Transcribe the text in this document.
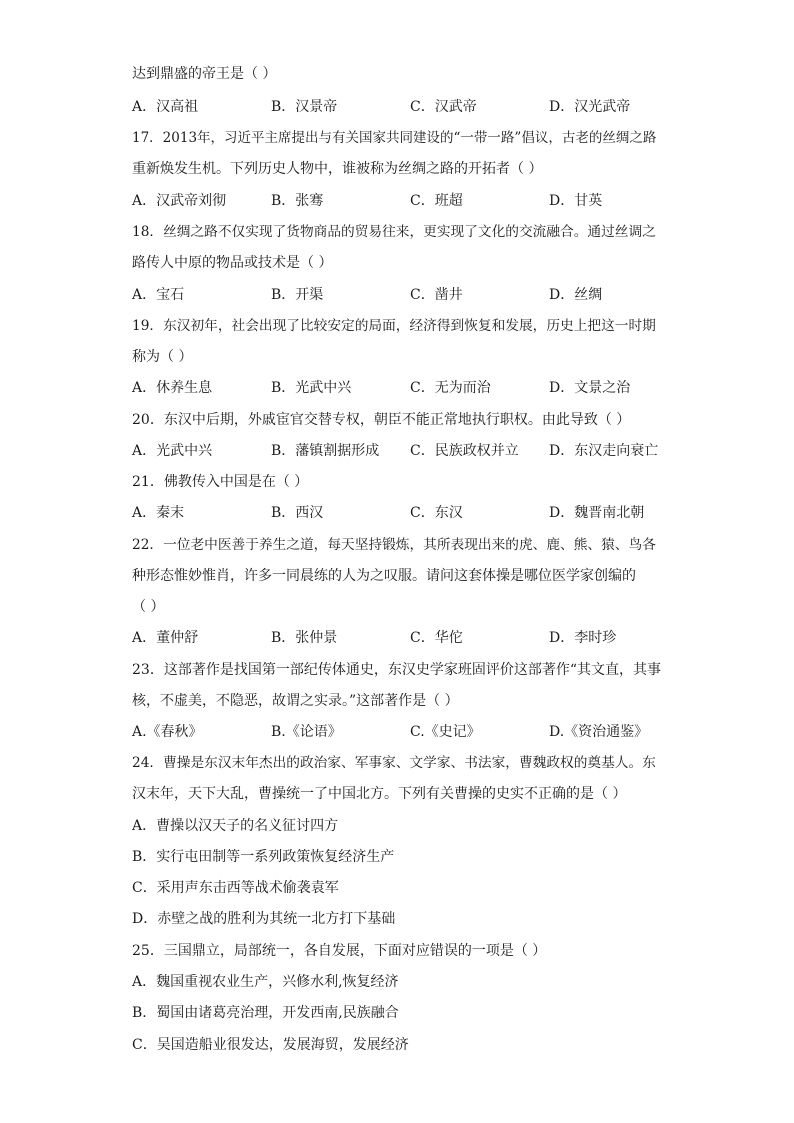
达到鼎盛的帝王是（ ）
A．汉高祖	B．汉景帝	C．汉武帝	D．汉光武帝
17．2013年，习近平主席提出与有关国家共同建设的“一带一路”倡议，古老的丝绸之路
重新焕发生机。下列历史人物中，谁被称为丝绸之路的开拓者（ ）
A．汉武帝刘彻	B．张骞	C．班超	D．甘英
18．丝绸之路不仅实现了货物商品的贸易往来，更实现了文化的交流融合。通过丝调之
路传人中原的物品或技术是（ ）
A．宝石	B．开渠	C．凿井	D．丝绸
19．东汉初年，社会出现了比较安定的局面，经济得到恢复和发展，历史上把这一时期
称为（ ）
A．休养生息	B．光武中兴	C．无为而治	D．文景之治
20．东汉中后期，外戚宦官交替专权，朝臣不能正常地执行职权。由此导致（ ）
A．光武中兴	B．藩镇割据形成 C．民族政权并立 D．东汉走向衰亡
21．佛教传入中国是在（ ）
A．秦末	B．西汉	C．东汉	D．魏晋南北朝
22．一位老中医善于养生之道，每天坚持锻炼，其所表现出来的虎、鹿、熊、猿、鸟各
种形态惟妙惟肖，许多一同晨练的人为之叹服。请问这套体操是哪位医学家创编的
（ ）
A．董仲舒	B．张仲景	C．华佗	D．李时珍
23．这部著作是找国第一部纪传体通史，东汉史学家班固评价这部著作“其文直，其事
核，不虚美，不隐恶，故谓之实录。”这部著作是（ ）
A.《春秋》	B.《论语》	C.《史记》	D.《资治通鉴》
24．曹操是东汉末年杰出的政治家、军事家、文学家、书法家，曹魏政权的奠基人。东
汉末年，天下大乱，曹操统一了中国北方。下列有关曹操的史实不正确的是（ ）
A．曹操以汉天子的名义征讨四方
B．实行屯田制等一系列政策恢复经济生产
C．采用声东击西等战术偷袭袁军
D．赤壁之战的胜利为其统一北方打下基础
25．三国鼎立，局部统一，各自发展，下面对应错误的一项是（ ）
A．魏国重视农业生产，兴修水利,恢复经济
B．蜀国由诸葛亮治理，开发西南,民族融合
C．吴国造船业很发达，发展海贸，发展经济
